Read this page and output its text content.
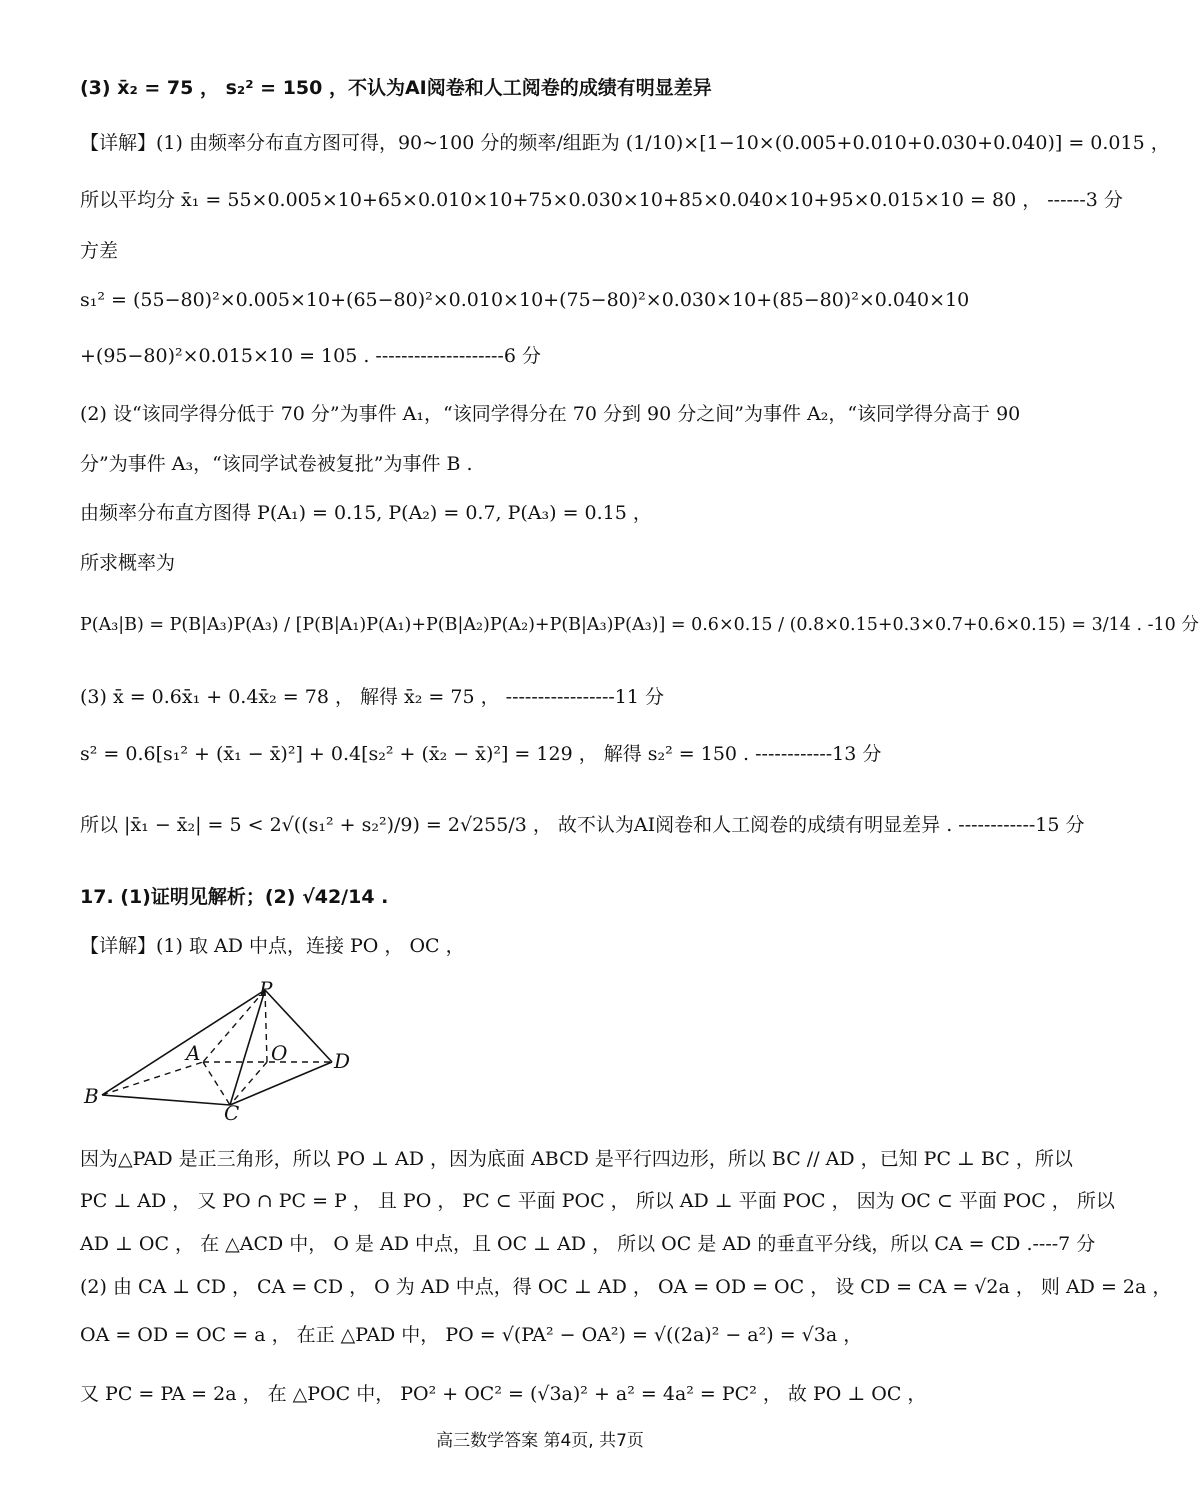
(3) x̄₂ = 75 ， s₂² = 150 ，不认为AI阅卷和人工阅卷的成绩有明显差异
【详解】(1) 由频率分布直方图可得，90~100 分的频率/组距为 (1/10)×[1−10×(0.005+0.010+0.030+0.040)] = 0.015 ，
所以平均分 x̄₁ = 55×0.005×10+65×0.010×10+75×0.030×10+85×0.040×10+95×0.015×10 = 80 ， ------3 分
方差
s₁² = (55−80)²×0.005×10+(65−80)²×0.010×10+(75−80)²×0.030×10+(85−80)²×0.040×10
+(95−80)²×0.015×10 = 105 . --------------------6 分
(2) 设“该同学得分低于 70 分”为事件 A₁，“该同学得分在 70 分到 90 分之间”为事件 A₂，“该同学得分高于 90
分”为事件 A₃，“该同学试卷被复批”为事件 B .
由频率分布直方图得 P(A₁) = 0.15, P(A₂) = 0.7, P(A₃) = 0.15 ，
所求概率为
P(A₃|B) = P(B|A₃)P(A₃) / [P(B|A₁)P(A₁)+P(B|A₂)P(A₂)+P(B|A₃)P(A₃)] = 0.6×0.15 / (0.8×0.15+0.3×0.7+0.6×0.15) = 3/14 . -10 分
(3) x̄ = 0.6x̄₁ + 0.4x̄₂ = 78 ， 解得 x̄₂ = 75 ， -----------------11 分
s² = 0.6[s₁² + (x̄₁ − x̄)²] + 0.4[s₂² + (x̄₂ − x̄)²] = 129 ， 解得 s₂² = 150 . ------------13 分
所以 |x̄₁ − x̄₂| = 5 < 2√((s₁² + s₂²)/9) = 2√255/3 ， 故不认为AI阅卷和人工阅卷的成绩有明显差异 . ------------15 分
17. (1)证明见解析；(2) √42/14 .
【详解】(1) 取 AD 中点，连接 PO ， OC ，
P
A	O D
B
C
因为△PAD 是正三角形，所以 PO ⊥ AD ，因为底面 ABCD 是平行四边形，所以 BC // AD ，已知 PC ⊥ BC ，所以
PC ⊥ AD ， 又 PO ∩ PC = P ， 且 PO ， PC ⊂ 平面 POC ， 所以 AD ⊥ 平面 POC ， 因为 OC ⊂ 平面 POC ， 所以
AD ⊥ OC ， 在 △ACD 中， O 是 AD 中点，且 OC ⊥ AD ， 所以 OC 是 AD 的垂直平分线，所以 CA = CD .----7 分
(2) 由 CA ⊥ CD ， CA = CD ， O 为 AD 中点，得 OC ⊥ AD ， OA = OD = OC ， 设 CD = CA = √2a ， 则 AD = 2a ，
OA = OD = OC = a ， 在正 △PAD 中， PO = √(PA² − OA²) = √((2a)² − a²) = √3a ，
又 PC = PA = 2a ， 在 △POC 中， PO² + OC² = (√3a)² + a² = 4a² = PC² ， 故 PO ⊥ OC ，
高三数学答案 第4页, 共7页
